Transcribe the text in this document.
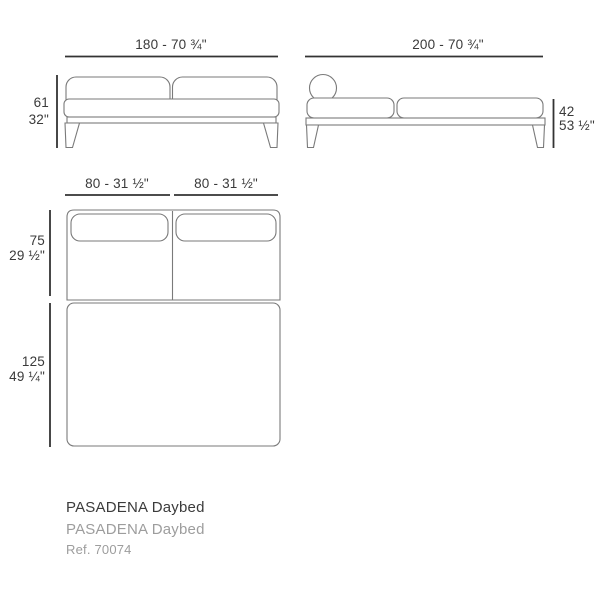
180 - 70 ¾"
61
32"
200 - 70 ¾"
42
53 ½"
80 - 31 ½"	80 - 31 ½"
75
29 ½"
125
49 ¼"
PASADENA Daybed
PASADENA Daybed
Ref. 70074
